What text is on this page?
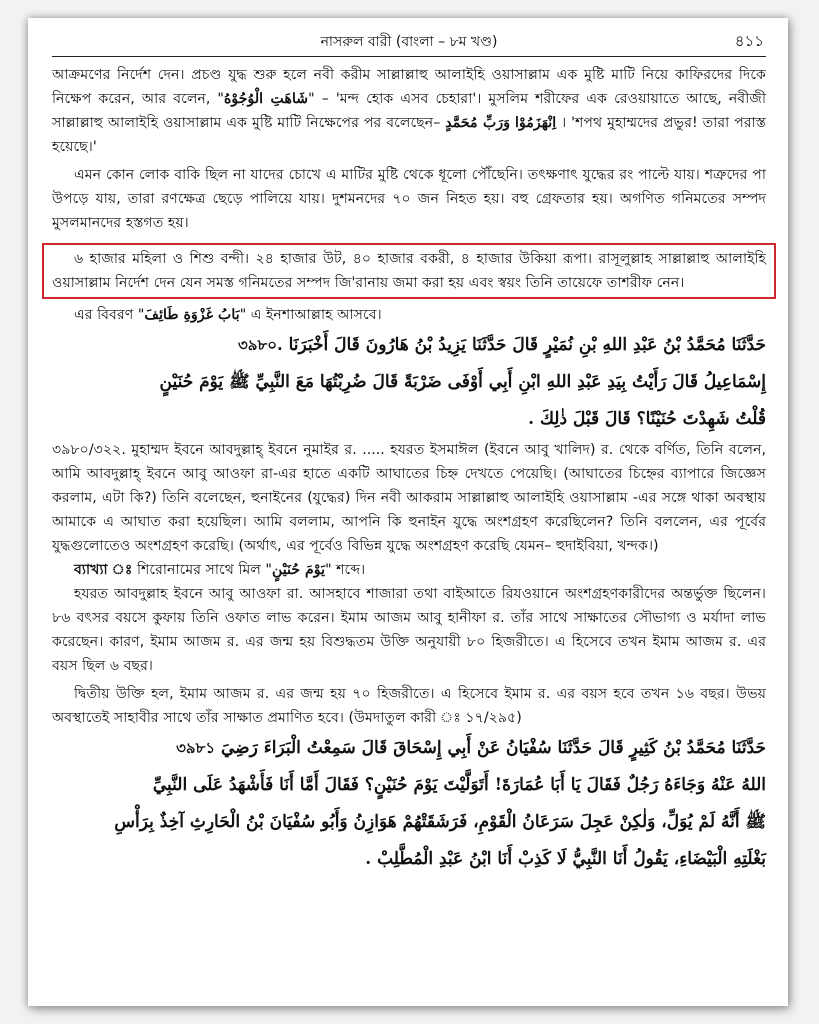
নাসরুল বারী (বাংলা – ৮ম খণ্ড)	৪১১

আক্রমণের নির্দেশ দেন। প্রচণ্ড যুদ্ধ শুরু হলে নবী করীম সাল্লাল্লাহু আলাইহি ওয়াসাল্লাম এক মুষ্টি মাটি নিয়ে কাফিরদের দিকে নিক্ষেপ করেন, আর বলেন, "شَاهَتِ الْوُجُوْهُ" – 'মন্দ হোক এসব চেহারা'। মুসলিম শরীফের এক রেওয়ায়াতে আছে, নবীজী সাল্লাল্লাহু আলাইহি ওয়াসাল্লাম এক মুষ্টি মাটি নিক্ষেপের পর বলেছেন–	اِنْهَزَمُوْا وَرَبِّ مُحَمَّدٍ	। 'শপথ মুহাম্মদের প্রভুর! তারা পরাস্ত হয়েছে।'

এমন কোন লোক বাকি ছিল না যাদের চোখে এ মাটির মুষ্টি থেকে ধূলো পৌঁছেনি। তৎক্ষণাৎ যুদ্ধের রং পাল্টে যায়। শত্রুদের পা উপড়ে যায়, তারা রণক্ষেত্র ছেড়ে পালিয়ে যায়। দুশমনদের ৭০ জন নিহত হয়। বহু গ্রেফতার হয়। অগণিত গনিমতের সম্পদ মুসলমানদের হস্তগত হয়।

৬ হাজার মহিলা ও শিশু বন্দী। ২৪ হাজার উট, ৪০ হাজার বকরী, ৪ হাজার উকিয়া রূপা। রাসূলুল্লাহ সাল্লাল্লাহু আলাইহি ওয়াসাল্লাম নির্দেশ দেন যেন সমস্ত গনিমতের সম্পদ জি'রানায় জমা করা হয় এবং স্বয়ং তিনি তায়েফে তাশরীফ নেন।

এর বিবরণ "بَابُ غَزْوَةِ طَائِفَ" এ ইনশাআল্লাহ আসবে।

حَدَّثَنَا مُحَمَّدُ بْنُ عَبْدِ اللهِ بْنِ نُمَيْرٍ قَالَ حَدَّثَنَا يَزِيدُ بْنُ هَارُونَ قَالَ أَخْبَرَنَا ৩৯৮০.
إِسْمَاعِيلُ قَالَ رَأَيْتُ بِيَدِ عَبْدِ اللهِ ابْنِ أَبِي أَوْفَى ضَرْبَةً قَالَ ضُرِبْتُهَا مَعَ النَّبِيِّ ﷺ يَوْمَ حُنَيْنٍ
قُلْتُ شَهِدْتَ حُنَيْنًا؟ قَالَ قَبْلَ ذٰلِكَ .

৩৯৮০/৩২২. মুহাম্মদ ইবনে আবদুল্লাহ্ ইবনে নুমাইর র. ..... হযরত ইসমাঈল (ইবনে আবু খালিদ) র. থেকে বর্ণিত, তিনি বলেন, আমি আবদুল্লাহ্ ইবনে আবু আওফা রা-এর হাতে একটি আঘাতের চিহ্ন দেখতে পেয়েছি। (আঘাতের চিহ্নের ব্যাপারে জিজ্ঞেস করলাম, এটা কি?) তিনি বলেছেন, হুনাইনের (যুদ্ধের) দিন নবী আকরাম সাল্লাল্লাহু আলাইহি ওয়াসাল্লাম -এর সঙ্গে থাকা অবস্থায় আমাকে এ আঘাত করা হয়েছিল। আমি বললাম, আপনি কি হুনাইন যুদ্ধে অংশগ্রহণ করেছিলেন? তিনি বললেন, এর পূর্বের যুদ্ধগুলোতেও অংশগ্রহণ করেছি। (অর্থাৎ, এর পূর্বেও বিভিন্ন যুদ্ধে অংশগ্রহণ করেছি যেমন– হুদাইবিয়া, খন্দক।)

ব্যাখ্যা ঃ শিরোনামের সাথে মিল "يَوْمَ حُنَيْنٍ" শব্দে।

হযরত আবদুল্লাহ ইবনে আবু আওফা রা. আসহাবে শাজারা তথা বাইআতে রিযওয়ানে অংশগ্রহণকারীদের অন্তর্ভুক্ত ছিলেন। ৮৬ বৎসর বয়সে কুফায় তিনি ওফাত লাভ করেন। ইমাম আজম আবু হানীফা র. তাঁর সাথে সাক্ষাতের সৌভাগ্য ও মর্যাদা লাভ করেছেন। কারণ, ইমাম আজম র. এর জন্ম হয় বিশুদ্ধতম উক্তি অনুযায়ী ৮০ হিজরীতে। এ হিসেবে তখন ইমাম আজম র. এর বয়স ছিল ৬ বছর।

দ্বিতীয় উক্তি হল, ইমাম আজম র. এর জন্ম হয় ৭০ হিজরীতে। এ হিসেবে ইমাম র. এর বয়স হবে তখন ১৬ বছর। উভয় অবস্থাতেই সাহাবীর সাথে তাঁর সাক্ষাত প্রমাণিত হবে। (উমদাতুল কারী ঃ ১৭/২৯৫)

حَدَّثَنَا مُحَمَّدُ بْنُ كَثِيرٍ قَالَ حَدَّثَنَا سُفْيَانُ عَنْ أَبِي إِسْحَاقَ قَالَ سَمِعْتُ الْبَرَاءَ رَضِيَ ৩৯৮১
اللهُ عَنْهُ وَجَاءَهُ رَجُلٌ فَقَالَ يَا أَبَا عُمَارَةَ! أَتَوَلَّيْتَ يَوْمَ حُنَيْنٍ؟ فَقَالَ أَمَّا أَنَا فَأَشْهَدُ عَلَى النَّبِيِّ
ﷺ أَنَّهُ لَمْ يُوَلِّ، وَلٰكِنْ عَجِلَ سَرَعَانُ الْقَوْمِ، فَرَشَقَتْهُمْ هَوَازِنُ وَأَبُو سُفْيَانَ بْنُ الْحَارِثِ آخِذٌ بِرَأْسِ
بَغْلَتِهِ الْبَيْضَاءِ، يَقُولُ أَنَا النَّبِيُّ لَا كَذِبْ أَنَا ابْنُ عَبْدِ الْمُطَّلِبْ .
